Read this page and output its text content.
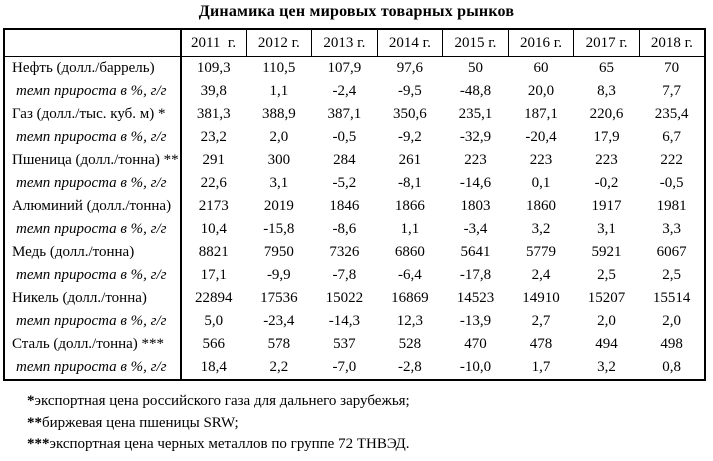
Динамика цен мировых товарных рынков
	2011  г.	2012 г.	2013 г.	2014 г.	2015 г.	2016 г.	2017 г.	2018 г.
Нефть (долл./баррель)	109,3	110,5	107,9	97,6	50	60	65	70
темп прироста в %, г/г	39,8	1,1	-2,4	-9,5	-48,8	20,0	8,3	7,7
Газ (долл./тыс. куб. м) *	381,3	388,9	387,1	350,6	235,1	187,1	220,6	235,4
темп прироста в %, г/г	23,2	2,0	-0,5	-9,2	-32,9	-20,4	17,9	6,7
Пшеница (долл./тонна) **	291	300	284	261	223	223	223	222
темп прироста в %, г/г	22,6	3,1	-5,2	-8,1	-14,6	0,1	-0,2	-0,5
Алюминий (долл./тонна)	2173	2019	1846	1866	1803	1860	1917	1981
темп прироста в %, г/г	10,4	-15,8	-8,6	1,1	-3,4	3,2	3,1	3,3
Медь (долл./тонна)	8821	7950	7326	6860	5641	5779	5921	6067
темп прироста в %, г/г	17,1	-9,9	-7,8	-6,4	-17,8	2,4	2,5	2,5
Никель (долл./тонна)	22894	17536	15022	16869	14523	14910	15207	15514
темп прироста в %, г/г	5,0	-23,4	-14,3	12,3	-13,9	2,7	2,0	2,0
Сталь (долл./тонна) ***	566	578	537	528	470	478	494	498
темп прироста в %, г/г	18,4	2,2	-7,0	-2,8	-10,0	1,7	3,2	0,8
*экспортная цена российского газа для дальнего зарубежья;
**биржевая цена пшеницы SRW;
***экспортная цена черных металлов по группе 72 ТНВЭД.
